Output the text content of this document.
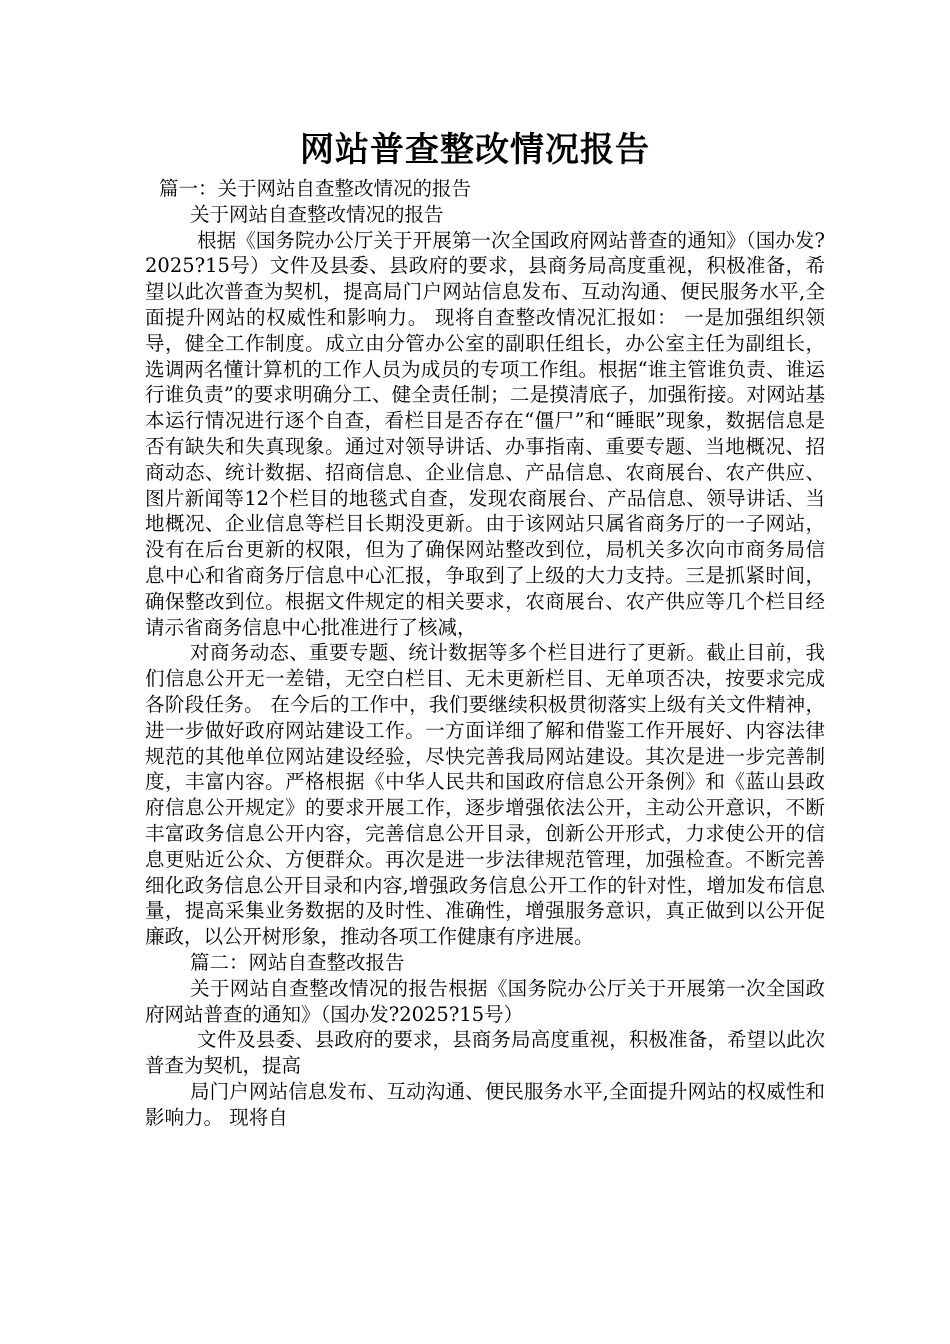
网站普查整改情况报告

篇一：关于网站自查整改情况的报告

关于网站自查整改情况的报告

根据《国务院办公厅关于开展第一次全国政府网站普查的通知》（国办发?2025?15号）文件及县委、县政府的要求，县商务局高度重视，积极准备，希望以此次普查为契机，提高局门户网站信息发布、互动沟通、便民服务水平,全面提升网站的权威性和影响力。 现将自查整改情况汇报如： 一是加强组织领导，健全工作制度。成立由分管办公室的副职任组长，办公室主任为副组长，选调两名懂计算机的工作人员为成员的专项工作组。根据“谁主管谁负责、谁运行谁负责”的要求明确分工、健全责任制；二是摸清底子，加强衔接。对网站基本运行情况进行逐个自查，看栏目是否存在“僵尸”和“睡眠”现象，数据信息是否有缺失和失真现象。通过对领导讲话、办事指南、重要专题、当地概况、招商动态、统计数据、招商信息、企业信息、产品信息、农商展台、农产供应、图片新闻等12个栏目的地毯式自查，发现农商展台、产品信息、领导讲话、当地概况、企业信息等栏目长期没更新。由于该网站只属省商务厅的一子网站，没有在后台更新的权限，但为了确保网站整改到位，局机关多次向市商务局信息中心和省商务厅信息中心汇报，争取到了上级的大力支持。三是抓紧时间，确保整改到位。根据文件规定的相关要求，农商展台、农产供应等几个栏目经请示省商务信息中心批准进行了核减，

对商务动态、重要专题、统计数据等多个栏目进行了更新。截止目前，我们信息公开无一差错，无空白栏目、无未更新栏目、无单项否决，按要求完成各阶段任务。 在今后的工作中，我们要继续积极贯彻落实上级有关文件精神，进一步做好政府网站建设工作。一方面详细了解和借鉴工作开展好、内容法律规范的其他单位网站建设经验，尽快完善我局网站建设。其次是进一步完善制度，丰富内容。严格根据《中华人民共和国政府信息公开条例》和《蓝山县政府信息公开规定》的要求开展工作，逐步增强依法公开，主动公开意识，不断丰富政务信息公开内容，完善信息公开目录，创新公开形式，力求使公开的信息更贴近公众、方便群众。再次是进一步法律规范管理，加强检查。不断完善细化政务信息公开目录和内容,增强政务信息公开工作的针对性，增加发布信息量，提高采集业务数据的及时性、准确性，增强服务意识，真正做到以公开促廉政，以公开树形象，推动各项工作健康有序进展。

篇二：网站自查整改报告

关于网站自查整改情况的报告根据《国务院办公厅关于开展第一次全国政府网站普查的通知》（国办发?2025?15号）

文件及县委、县政府的要求，县商务局高度重视，积极准备，希望以此次普查为契机，提高

局门户网站信息发布、互动沟通、便民服务水平,全面提升网站的权威性和影响力。 现将自
